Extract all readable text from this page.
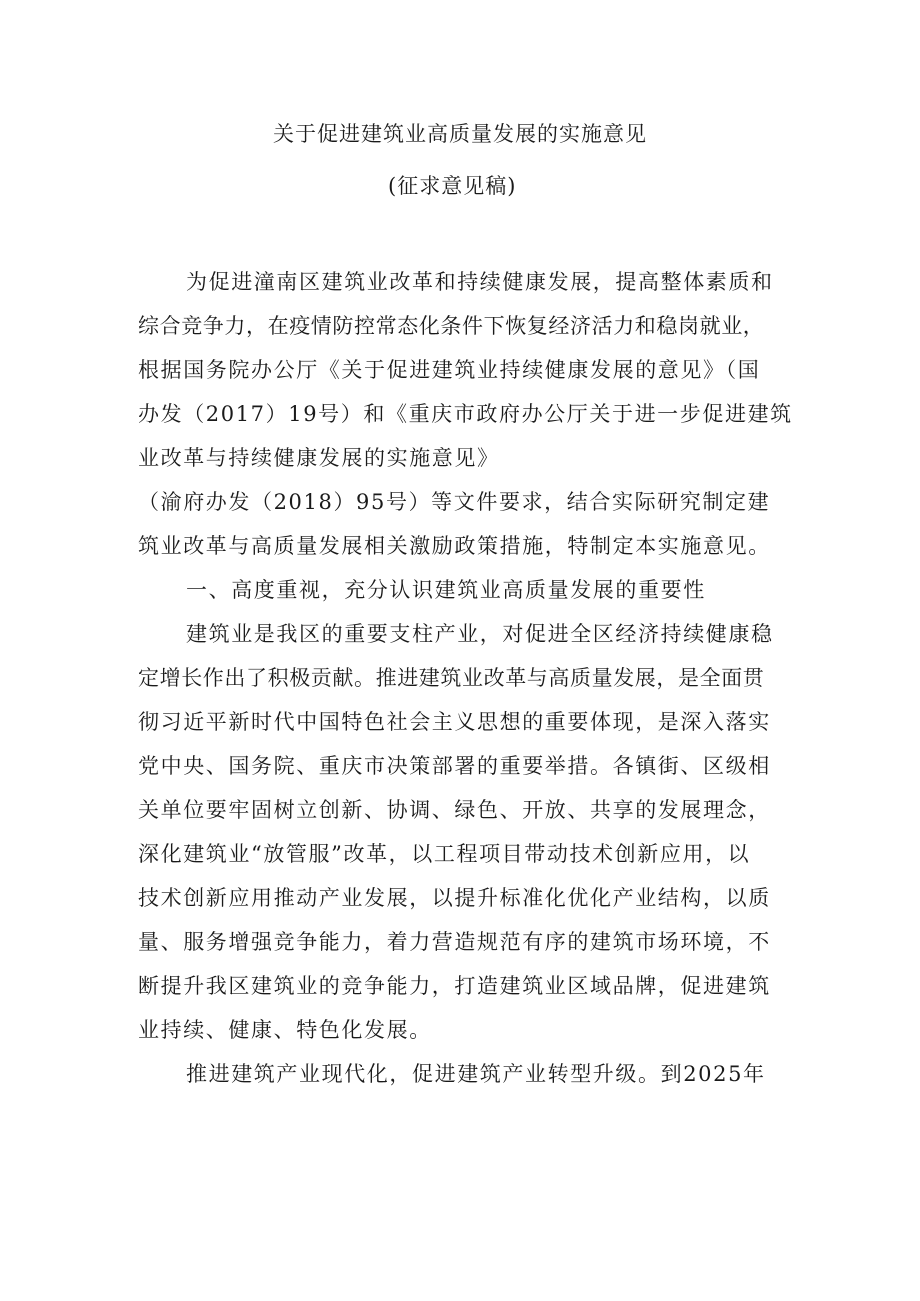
关于促进建筑业高质量发展的实施意见
(征求意见稿)
为促进潼南区建筑业改革和持续健康发展，提高整体素质和
综合竞争力，在疫情防控常态化条件下恢复经济活力和稳岗就业，
根据国务院办公厅《关于促进建筑业持续健康发展的意见》（国
办发（2017）19号）和《重庆市政府办公厅关于进一步促进建筑
业改革与持续健康发展的实施意见》
（渝府办发（2018）95号）等文件要求，结合实际研究制定建
筑业改革与高质量发展相关激励政策措施，特制定本实施意见。
一、高度重视，充分认识建筑业高质量发展的重要性
建筑业是我区的重要支柱产业，对促进全区经济持续健康稳
定增长作出了积极贡献。推进建筑业改革与高质量发展，是全面贯
彻习近平新时代中国特色社会主义思想的重要体现，是深入落实
党中央、国务院、重庆市决策部署的重要举措。各镇街、区级相
关单位要牢固树立创新、协调、绿色、开放、共享的发展理念，
深化建筑业“放管服”改革，以工程项目带动技术创新应用，以
技术创新应用推动产业发展，以提升标准化优化产业结构，以质
量、服务增强竞争能力，着力营造规范有序的建筑市场环境，不
断提升我区建筑业的竞争能力，打造建筑业区域品牌，促进建筑
业持续、健康、特色化发展。
推进建筑产业现代化，促进建筑产业转型升级。到2025年
